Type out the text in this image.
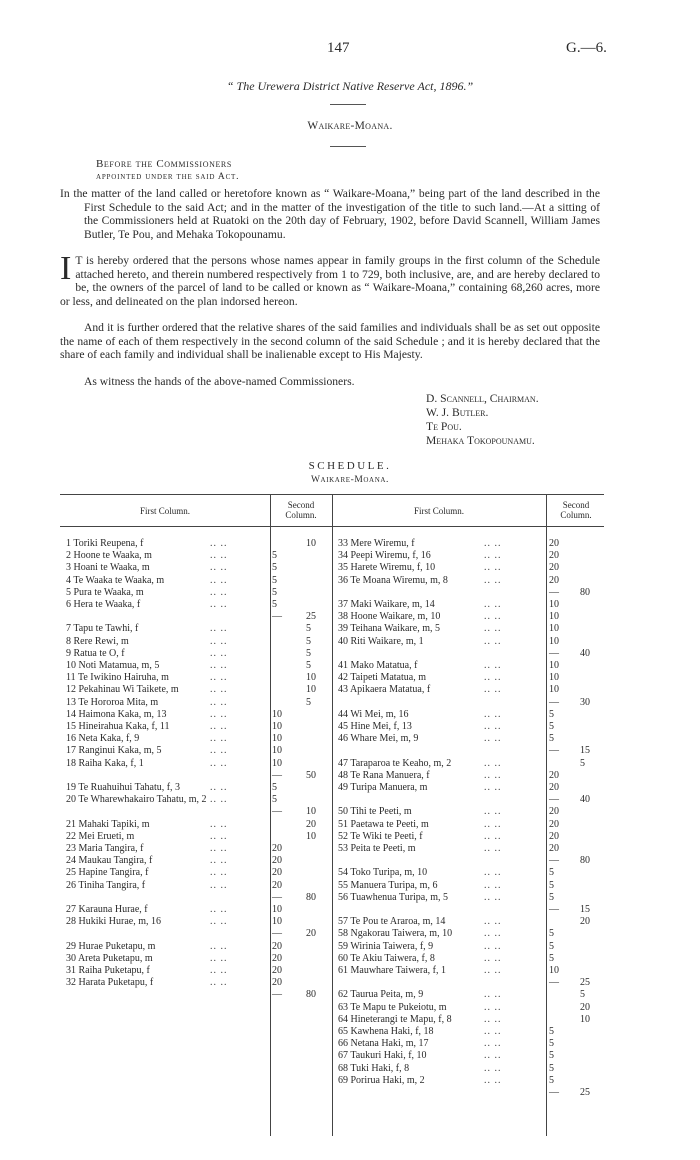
147	G.—6.
“ The Urewera District Native Reserve Act, 1896.”
Waikare-Moana.
Before the Commissioners
appointed under the said Act.

In the matter of the land called or heretofore known as “ Waikare-Moana,” being part of the land described in the First Schedule to the said Act; and in the matter of the investigation of the title to such land.—At a sitting of the Commissioners held at Ruatoki on the 20th day of February, 1902, before David Scannell, William James Butler, Te Pou, and Mehaka Tokopounamu.

I T is hereby ordered that the persons whose names appear in family groups in the first column of the Schedule attached hereto, and therein numbered respectively from 1 to 729, both inclusive, are, and are hereby declared to be, the owners of the parcel of land to be called or known as “ Waikare-Moana,” containing 68,260 acres, more or less, and delineated on the plan indorsed hereon.

And it is further ordered that the relative shares of the said families and individuals shall be as set out opposite the name of each of them respectively in the second column of the said Schedule ; and it is hereby declared that the share of each family and individual shall be inalienable except to His Majesty.

As witness the hands of the above-named Commissioners.
D. Scannell, Chairman.
W. J. Butler.
Te Pou.
Mehaka Tokopounamu.
SCHEDULE.
Waikare-Moana.
First Column.
Second Column.	First Column.
Second Column.
1 Toriki Reupena, f	.. ..	10
2 Hoone te Waaka, m	.. ..	5
3 Hoani te Waaka, m	.. ..	5
4 Te Waaka te Waaka, m	.. ..	5
5 Pura te Waaka, m	.. ..	5
6 Hera te Waaka, f	.. ..	5
— 25
7 Tapu te Tawhi, f	.. ..	5
8 Rere Rewi, m	.. ..	5
9 Ratua te O, f	.. ..	5
10 Noti Matamua, m, 5	.. ..	5
11 Te Iwikino Hairuha, m	.. ..	10
12 Pekahinau Wi Taikete, m	.. ..	10
13 Te Hororoa Mita, m	.. ..	5
14 Haimona Kaka, m, 13	.. ..	10
15 Hineirahua Kaka, f, 11	.. ..	10
16 Neta Kaka, f, 9	.. ..	10
17 Ranginui Kaka, m, 5	.. ..	10
18 Raiha Kaka, f, 1	.. ..	10
— 50
19 Te Ruahuihui Tahatu, f, 3	.. ..	5
20 Te Wharewhakairo Tahatu, m, 2 .. ..	5
— 10
21 Mahaki Tapiki, m	.. ..	20
22 Mei Erueti, m	.. ..	10
23 Maria Tangira, f	.. ..	20
24 Maukau Tangira, f	.. ..	20
25 Hapine Tangira, f	.. ..	20
26 Tiniha Tangira, f	.. ..	20
— 80
27 Karauna Hurae, f	.. ..	10
28 Hukiki Hurae, m, 16	.. ..	10
— 20
29 Hurae Puketapu, m	.. ..	20
30 Areta Puketapu, m	.. ..	20
31 Raiha Puketapu, f	.. ..	20
32 Harata Puketapu, f	.. ..	20
— 80
33 Mere Wiremu, f	.. ..	20
34 Peepi Wiremu, f, 16	.. ..	20
35 Harete Wiremu, f, 10	.. ..	20
36 Te Moana Wiremu, m, 8	.. ..	20
— 80
37 Maki Waikare, m, 14	.. ..	10
38 Hoone Waikare, m, 10	.. ..	10
39 Teihana Waikare, m, 5	.. ..	10
40 Riti Waikare, m, 1	.. ..	10
— 40
41 Mako Matatua, f	.. ..	10
42 Taipeti Matatua, m	.. ..	10
43 Apikaera Matatua, f	.. ..	10
— 30
44 Wi Mei, m, 16	.. ..	5
45 Hine Mei, f, 13	.. ..	5
46 Whare Mei, m, 9	.. ..	5
— 15
47 Taraparoa te Keaho, m, 2	.. ..	5
48 Te Rana Manuera, f	.. ..	20
49 Turipa Manuera, m	.. ..	20
— 40
50 Tihi te Peeti, m	.. ..	20
51 Paetawa te Peeti, m	.. ..	20
52 Te Wiki te Peeti, f	.. ..	20
53 Peita te Peeti, m	.. ..	20
— 80
54 Toko Turipa, m, 10	.. ..	5
55 Manuera Turipa, m, 6	.. ..	5
56 Tuawhenua Turipa, m, 5	.. ..	5
— 15
57 Te Pou te Araroa, m, 14	.. ..	20
58 Ngakorau Taiwera, m, 10	.. ..	5
59 Wirinia Taiwera, f, 9	.. ..	5
60 Te Akiu Taiwera, f, 8	.. ..	5
61 Mauwhare Taiwera, f, 1	.. ..	10
— 25
62 Taurua Peita, m, 9	.. ..	5
63 Te Mapu te Pukeiotu, m	.. ..	20
64 Hineterangi te Mapu, f, 8	.. ..	10
65 Kawhena Haki, f, 18	.. ..	5
66 Netana Haki, m, 17	.. ..	5
67 Taukuri Haki, f, 10	.. ..	5
68 Tuki Haki, f, 8	.. ..	5
69 Porirua Haki, m, 2	.. ..	5
— 25
